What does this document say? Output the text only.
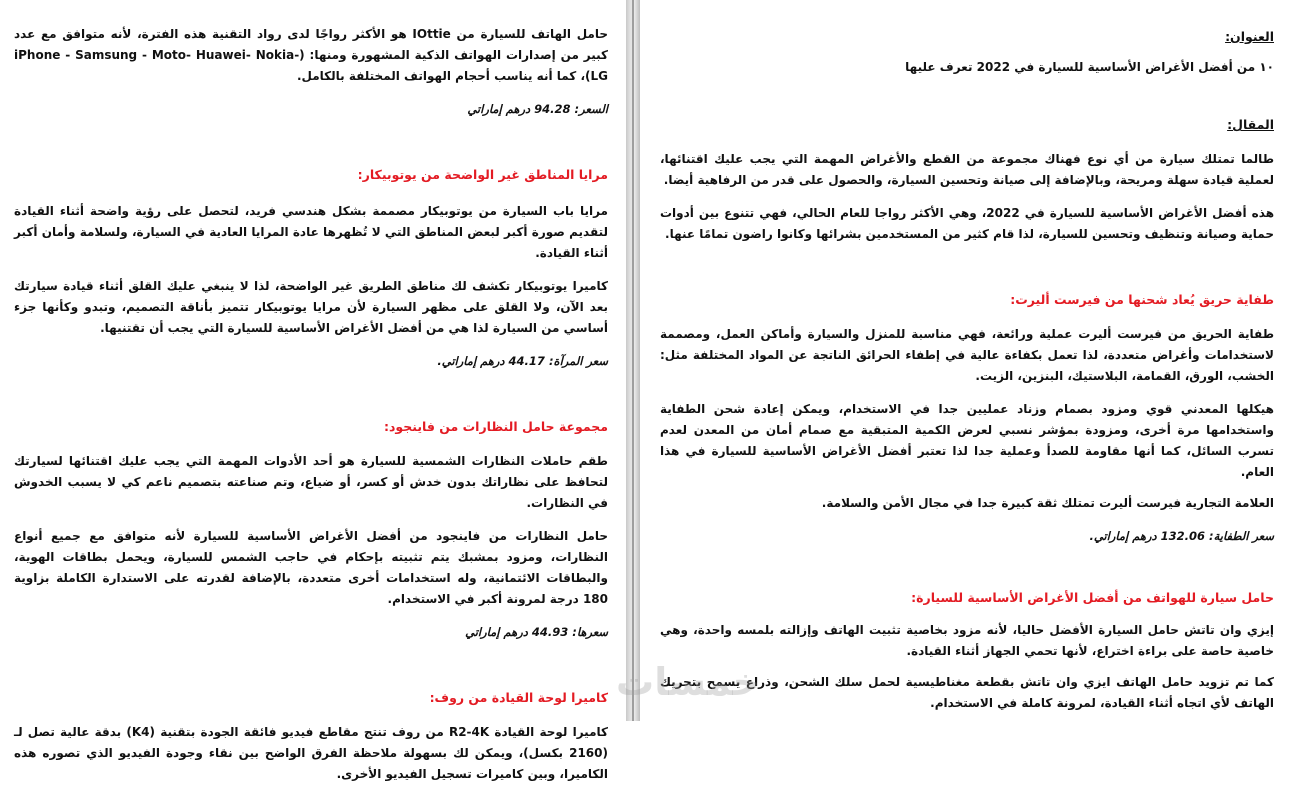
حامل الهاتف للسيارة من IOttie هو الأكثر رواجًا لدى رواد التقنية هذه الفترة، لأنه متوافق مع عدد كبير من إصدارات الهواتف الذكية المشهورة ومنها: (iPhone - Samsung - Moto- Huawei- Nokia- LG)، كما أنه يناسب أحجام الهواتف المختلفة بالكامل.

السعر: 94.28 درهم إماراتي

مرايا المناطق غير الواضحة من يوتوبيكار:

مرايا باب السيارة من يوتوبيكار مصممة بشكل هندسي فريد، لتحصل على رؤية واضحة أثناء القيادة لتقديم صورة أكبر لبعض المناطق التي لا تُظهرها عادة المرايا العادية في السيارة، ولسلامة وأمان أكبر أثناء القيادة.

كاميرا يوتوبيكار تكشف لك مناطق الطريق غير الواضحة، لذا لا ينبغي عليك القلق أثناء قيادة سيارتك بعد الآن، ولا القلق على مظهر السيارة لأن مرايا يوتوبيكار تتميز بأناقة التصميم، وتبدو وكأنها جزء أساسي من السيارة لذا هي من أفضل الأغراض الأساسية للسيارة التي يجب أن تقتنيها.

سعر المرآة: 44.17 درهم إماراتي.

مجموعة حامل النظارات من فاينجود:

طقم حاملات النظارات الشمسية للسيارة هو أحد الأدوات المهمة التي يجب عليك اقتنائها لسيارتك لتحافظ على نظاراتك بدون خدش أو كسر، أو ضياع، وتم صناعته بتصميم ناعم كي لا يسبب الخدوش في النظارات.

حامل النظارات من فاينجود من أفضل الأغراض الأساسية للسيارة لأنه متوافق مع جميع أنواع النظارات، ومزود بمشبك يتم تثبيته بإحكام في حاجب الشمس للسيارة، ويحمل بطاقات الهوية، والبطاقات الائتمانية، وله استخدامات أخرى متعددة، بالإضافة لقدرته على الاستدارة الكاملة بزاوية 180 درجة لمرونة أكبر في الاستخدام.

سعرها: 44.93 درهم إماراتي

كاميرا لوحة القيادة من روف:

كاميرا لوحة القيادة R2-4K من روف تنتج مقاطع فيديو فائقة الجودة بتقنية (K4) بدقة عالية تصل لـ (2160 بكسل)، ويمكن لك بسهولة ملاحظة الفرق الواضح بين نقاء وجودة الفيديو الذي تصوره هذه الكاميرا، وبين كاميرات تسجيل الفيديو الأخرى.

العنوان:

١٠ من أفضل الأغراض الأساسية للسيارة في 2022 تعرف عليها

المقال:

طالما تمتلك سيارة من أي نوع فهناك مجموعة من القطع والأغراض المهمة التي يجب عليك اقتنائها، لعملية قيادة سهلة ومريحة، وبالإضافة إلى صيانة وتحسين السيارة، والحصول على قدر من الرفاهية أيضا.

هذه أفضل الأغراض الأساسية للسيارة في 2022، وهي الأكثر رواجا للعام الحالي، فهي تتنوع بين أدوات حماية وصيانة وتنظيف وتحسين للسيارة، لذا قام كثير من المستخدمين بشرائها وكانوا راضون تمامًا عنها.

طفاية حريق يُعاد شحنها من فيرست أليرت:

طفاية الحريق من فيرست أليرت عملية ورائعة، فهي مناسبة للمنزل والسيارة وأماكن العمل، ومصممة لاستخدامات وأغراض متعددة، لذا تعمل بكفاءة عالية في إطفاء الحرائق الناتجة عن المواد المختلفة مثل: الخشب، الورق، القمامة، البلاستيك، البنزين، الزيت.

هيكلها المعدني قوي ومزود بصمام وزناد عمليين جدا في الاستخدام، ويمكن إعادة شحن الطفاية واستخدامها مرة أخرى، ومزودة بمؤشر نسبي لعرض الكمية المتبقية مع صمام أمان من المعدن لعدم تسرب السائل، كما أنها مقاومة للصدأ وعملية جدا لذا تعتبر أفضل الأغراض الأساسية للسيارة في هذا العام.

العلامة التجارية فيرست أليرت تمتلك ثقة كبيرة جدا في مجال الأمن والسلامة.

سعر الطفاية: 132.06 درهم إماراتي.

حامل سيارة للهواتف من أفضل الأغراض الأساسية للسيارة:

إيزي وان تاتش حامل السيارة الأفضل حاليا، لأنه مزود بخاصية تثبيت الهاتف وإزالته بلمسه واحدة، وهي خاصية حاصة على براءة اختراع، لأنها تحمي الجهاز أثناء القيادة.

كما تم تزويد حامل الهاتف ايزي وان تاتش بقطعة مغناطيسية لحمل سلك الشحن، وذراع يسمح بتحريك الهاتف لأي اتجاه أثناء القيادة، لمرونة كاملة في الاستخدام.

خمسات
